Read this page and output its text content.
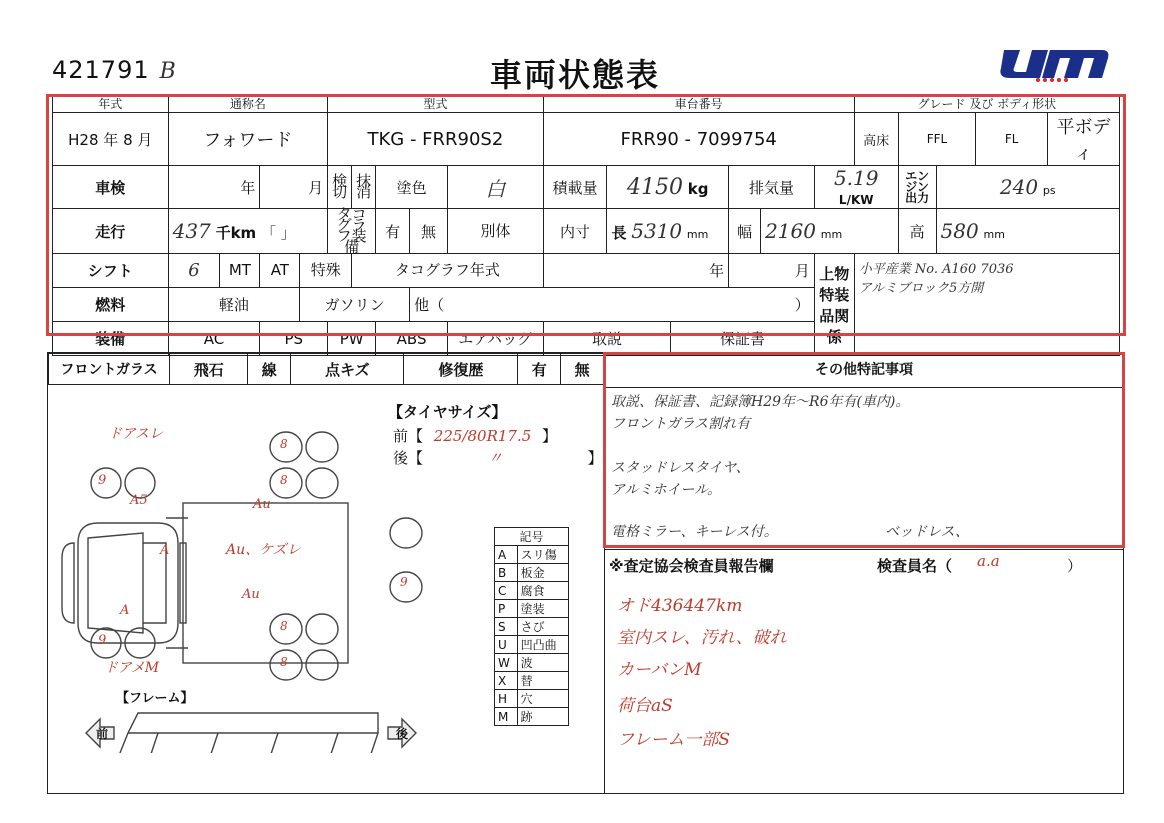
421791 B	車両状態表
年式	通称名				型式					車台番号						グレード 及び ボディ形状				
H28 年 8 月	フォワード				TKG - FRR90S2					FRR90 - 7099754						高床	FFL		FL	平ボディ
車検	年		月		検切	抹消	塗色		白	積載量	4150 kg		排気量		5.19 L/KW		エンジン出力	240 ps		
走行	437 千km 「 」				タコグラフ装備		有	無	別体	内寸	長 5310 mm		幅	2160 mm			高	580 mm		
シフト	6	MT	AT	特殊		タコグラフ年式				年			月		上物特装品関係	小平産業 No. A160 7036
アルミブロック5方開				

燃料	軽油			ガソリン				他（ ）												

装備	AC		PS		PW		ABS		エアバッグ	取説		保証書								
フロントガラス	飛石	線	点キズ	修復歴	有	無
【タイヤサイズ】
前【 225/80R17.5 】
後【	〃	】
ドアスレ
ドアメM
A5	Au
Au、ケズレ
Au
A
A
9
9
8
8
8
8
9
【フレーム】
前	後
記号	
A	スリ傷
B	板金
C	腐食
P	塗装
S	さび
U	凹凸曲
W	波
X	替
H	穴
M	跡
その他特記事項
取説、保証書、記録簿H29年～R6年有(車内)。
フロントガラス割れ有
スタッドレスタイヤ、
アルミホイール。
電格ミラー、キーレス付。	ベッドレス、
※査定協会検査員報告欄	検査員名（ a.a	）
オド436447km
室内スレ、汚れ、破れ
カーバンM
荷台aS
フレーム一部S
